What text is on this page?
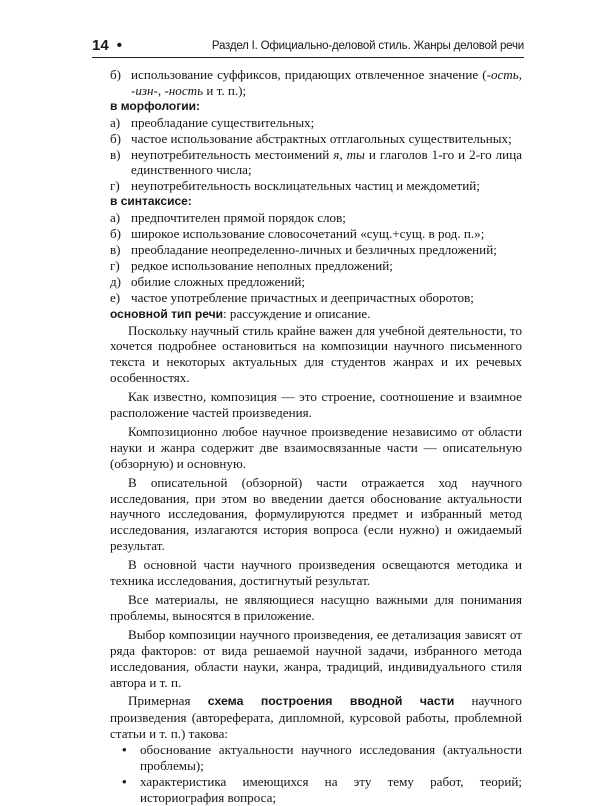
14 •	Раздел I. Официально-деловой стиль. Жанры деловой речи
б) использование суффиксов, придающих отвлеченное значение (-ость, -изн-, -ность и т. п.);

в морфологии:

а) преобладание существительных;
б) частое использование абстрактных отглагольных существительных;
в) неупотребительность местоимений я, ты и глаголов 1-го и 2-го лица единственного числа;
г) неупотребительность восклицательных частиц и междометий;

в синтаксисе:

а) предпочтителен прямой порядок слов;
б) широкое использование словосочетаний «сущ.+сущ. в род. п.»;
в) преобладание неопределенно-личных и безличных предложений;
г) редкое использование неполных предложений;
д) обилие сложных предложений;
е) частое употребление причастных и деепричастных оборотов;

основной тип речи: рассуждение и описание.

Поскольку научный стиль крайне важен для учебной деятельности, то хочется подробнее остановиться на композиции научного письменного текста и некоторых актуальных для студентов жанрах и их речевых особенностях.

Как известно, композиция — это строение, соотношение и взаимное расположение частей произведения.

Композиционно любое научное произведение независимо от области науки и жанра содержит две взаимосвязанные части — описательную (обзорную) и основную.

В описательной (обзорной) части отражается ход научного исследования, при этом во введении дается обоснование актуальности научного исследования, формулируются предмет и избранный метод исследования, излагаются история вопроса (если нужно) и ожидаемый результат.

В основной части научного произведения освещаются методика и техника исследования, достигнутый результат.

Все материалы, не являющиеся насущно важными для понимания проблемы, выносятся в приложение.

Выбор композиции научного произведения, ее детализация зависят от ряда факторов: от вида решаемой научной задачи, избранного метода исследования, области науки, жанра, традиций, индивидуального стиля автора и т. п.

Примерная схема построения вводной части научного произведения (автореферата, дипломной, курсовой работы, проблемной статьи и т. п.) такова:

•	обоснование актуальности научного исследования (актуальности проблемы);
•	характеристика имеющихся на эту тему работ, теорий; историография вопроса;
